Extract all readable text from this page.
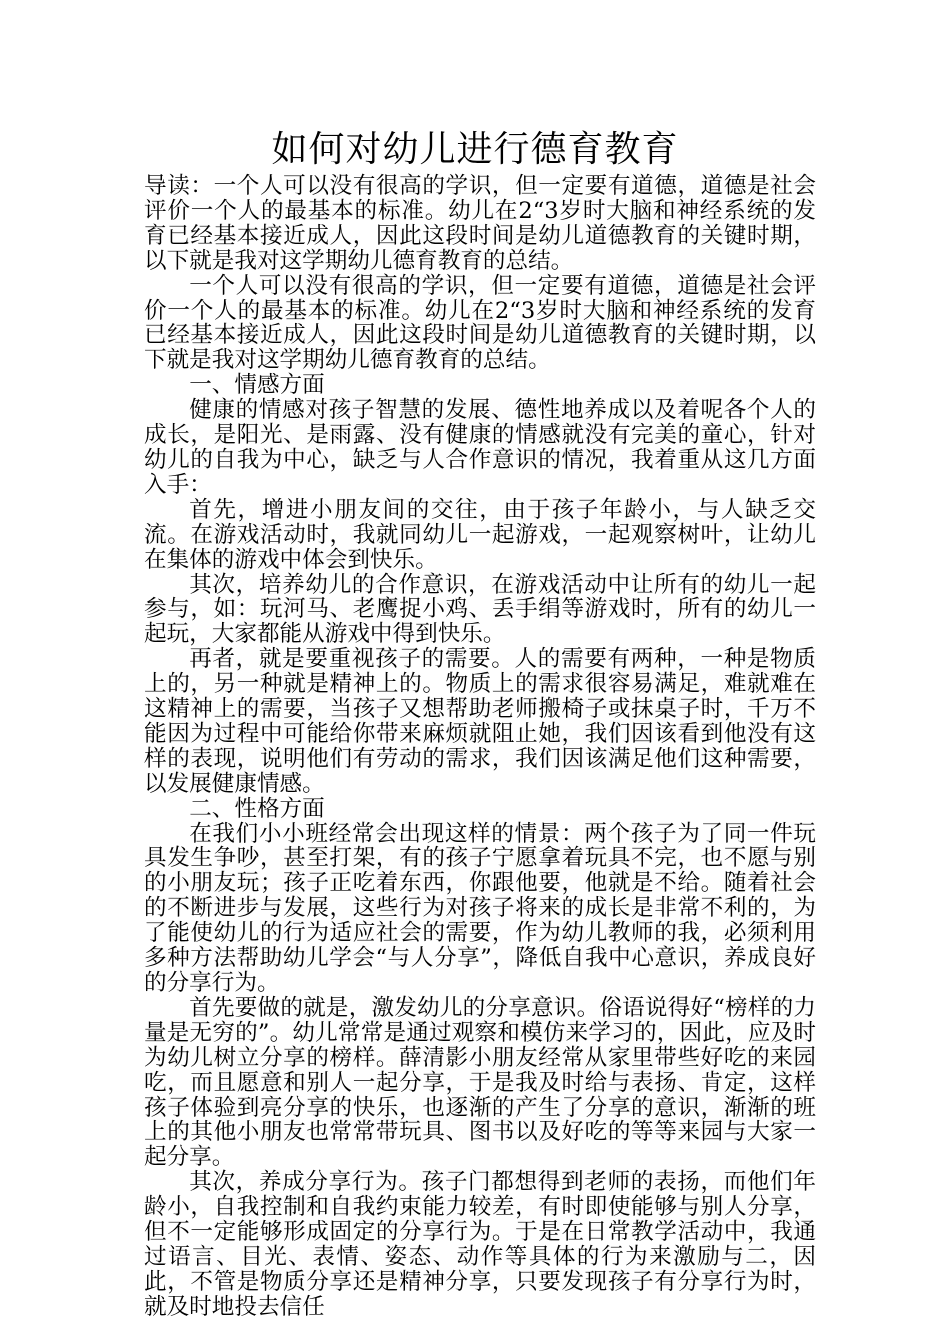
如何对幼儿进行德育教育

导读：一个人可以没有很高的学识，但一定要有道德，道德是社会评价一个人的最基本的标准。幼儿在2“3岁时大脑和神经系统的发育已经基本接近成人，因此这段时间是幼儿道德教育的关键时期，以下就是我对这学期幼儿德育教育的总结。

一个人可以没有很高的学识，但一定要有道德，道德是社会评价一个人的最基本的标准。幼儿在2“3岁时大脑和神经系统的发育已经基本接近成人，因此这段时间是幼儿道德教育的关键时期，以下就是我对这学期幼儿德育教育的总结。

一、情感方面

健康的情感对孩子智慧的发展、德性地养成以及着呢各个人的成长，是阳光、是雨露、没有健康的情感就没有完美的童心，针对幼儿的自我为中心，缺乏与人合作意识的情况，我着重从这几方面入手：

首先，增进小朋友间的交往，由于孩子年龄小，与人缺乏交流。在游戏活动时，我就同幼儿一起游戏，一起观察树叶，让幼儿在集体的游戏中体会到快乐。

其次，培养幼儿的合作意识，在游戏活动中让所有的幼儿一起参与，如：玩河马、老鹰捉小鸡、丢手绢等游戏时，所有的幼儿一起玩，大家都能从游戏中得到快乐。

再者，就是要重视孩子的需要。人的需要有两种，一种是物质上的，另一种就是精神上的。物质上的需求很容易满足，难就难在这精神上的需要，当孩子又想帮助老师搬椅子或抹桌子时，千万不能因为过程中可能给你带来麻烦就阻止她，我们因该看到他没有这样的表现，说明他们有劳动的需求，我们因该满足他们这种需要，以发展健康情感。

二、性格方面

在我们小小班经常会出现这样的情景：两个孩子为了同一件玩具发生争吵，甚至打架，有的孩子宁愿拿着玩具不完，也不愿与别的小朋友玩；孩子正吃着东西，你跟他要，他就是不给。随着社会的不断进步与发展，这些行为对孩子将来的成长是非常不利的，为了能使幼儿的行为适应社会的需要，作为幼儿教师的我，必须利用多种方法帮助幼儿学会“与人分享”，降低自我中心意识，养成良好的分享行为。

首先要做的就是，激发幼儿的分享意识。俗语说得好“榜样的力量是无穷的”。幼儿常常是通过观察和模仿来学习的，因此，应及时为幼儿树立分享的榜样。薛清影小朋友经常从家里带些好吃的来园吃，而且愿意和别人一起分享，于是我及时给与表扬、肯定，这样孩子体验到亮分享的快乐，也逐渐的产生了分享的意识，渐渐的班上的其他小朋友也常常带玩具、图书以及好吃的等等来园与大家一起分享。

其次，养成分享行为。孩子门都想得到老师的表扬，而他们年龄小，自我控制和自我约束能力较差，有时即使能够与别人分享，但不一定能够形成固定的分享行为。于是在日常教学活动中，我通过语言、目光、表情、姿态、动作等具体的行为来激励与二，因此，不管是物质分享还是精神分享，只要发现孩子有分享行为时，就及时地投去信任
